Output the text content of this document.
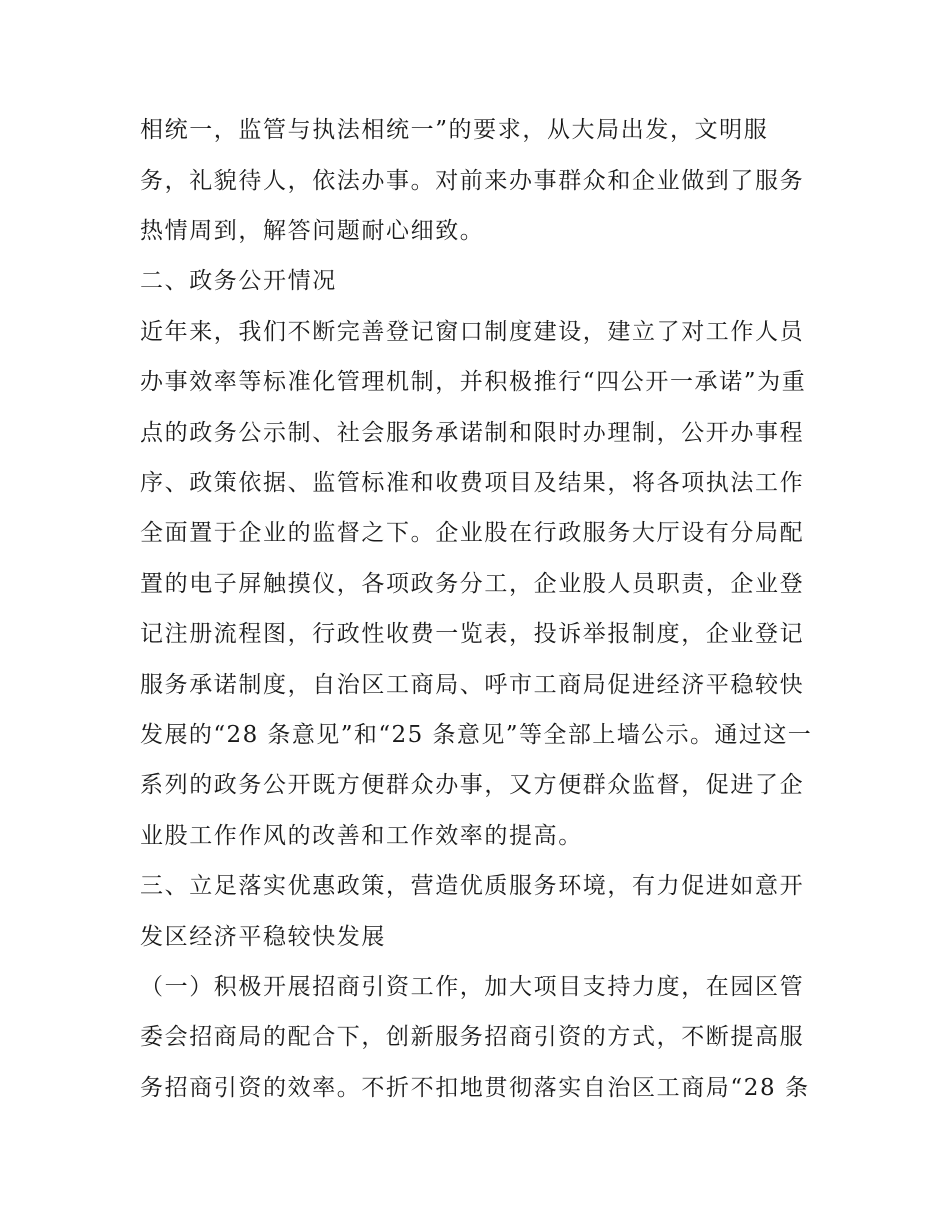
相统一，监管与执法相统一”的要求，从大局出发，文明服
务，礼貌待人，依法办事。对前来办事群众和企业做到了服务
热情周到，解答问题耐心细致。
二、政务公开情况
近年来，我们不断完善登记窗口制度建设，建立了对工作人员
办事效率等标准化管理机制，并积极推行“四公开一承诺”为重
点的政务公示制、社会服务承诺制和限时办理制，公开办事程
序、政策依据、监管标准和收费项目及结果，将各项执法工作
全面置于企业的监督之下。企业股在行政服务大厅设有分局配
置的电子屏触摸仪，各项政务分工，企业股人员职责，企业登
记注册流程图，行政性收费一览表，投诉举报制度，企业登记
服务承诺制度，自治区工商局、呼市工商局促进经济平稳较快
发展的“28 条意见”和“25 条意见”等全部上墙公示。通过这一
系列的政务公开既方便群众办事，又方便群众监督，促进了企
业股工作作风的改善和工作效率的提高。
三、立足落实优惠政策，营造优质服务环境，有力促进如意开
发区经济平稳较快发展
（一）积极开展招商引资工作，加大项目支持力度，在园区管
委会招商局的配合下，创新服务招商引资的方式，不断提高服
务招商引资的效率。不折不扣地贯彻落实自治区工商局“28 条
